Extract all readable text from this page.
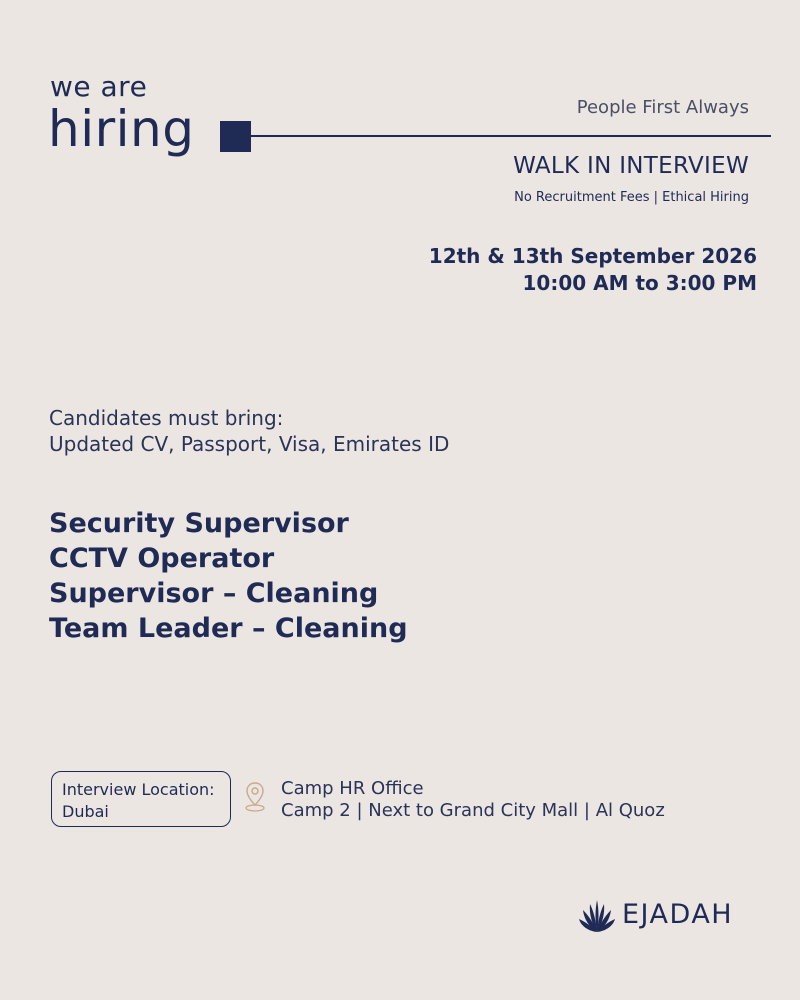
we are
hiring	People First Always
WALK IN INTERVIEW
No Recruitment Fees | Ethical Hiring
12th & 13th September 2026
10:00 AM to 3:00 PM
Candidates must bring:
Updated CV, Passport, Visa, Emirates ID
Security Supervisor
CCTV Operator
Supervisor – Cleaning
Team Leader – Cleaning
Interview Location:
Dubai
Camp HR Office
Camp 2 | Next to Grand City Mall | Al Quoz
EJADAH
